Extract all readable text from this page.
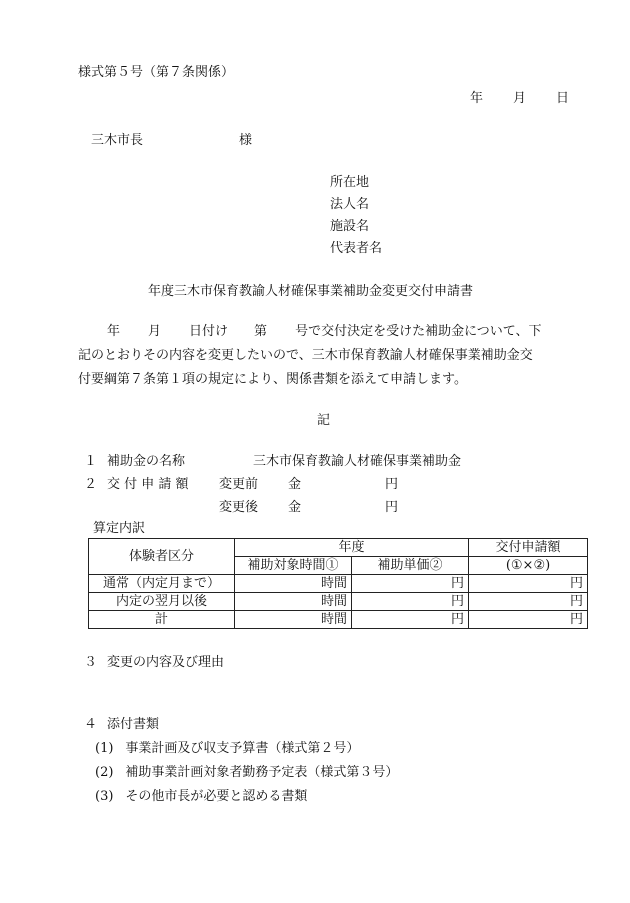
様式第５号（第７条関係）
年 月 日
三木市長	様
所在地
法人名
施設名
代表者名
年度三木市保育教諭人材確保事業補助金変更交付申請書
年 月 日付け 第 号で交付決定を受けた補助金について、下
記のとおりその内容を変更したいので、三木市保育教諭人材確保事業補助金交
付要綱第７条第１項の規定により、関係書類を添えて申請します。
記
１ 補助金の名称	三木市保育教諭人材確保事業補助金
２ 交 付 申 請 額 変更前 金	円
変更後 金	円
算定内訳
体験者区分	年度		交付申請額
	補助対象時間①	補助単価②	(①×②)
通常（内定月まで）	時間	円	円
内定の翌月以後	時間	円	円
計	時間	円	円
３ 変更の内容及び理由
４ 添付書類
(1) 事業計画及び収支予算書（様式第２号）
(2) 補助事業計画対象者勤務予定表（様式第３号）
(3) その他市長が必要と認める書類
